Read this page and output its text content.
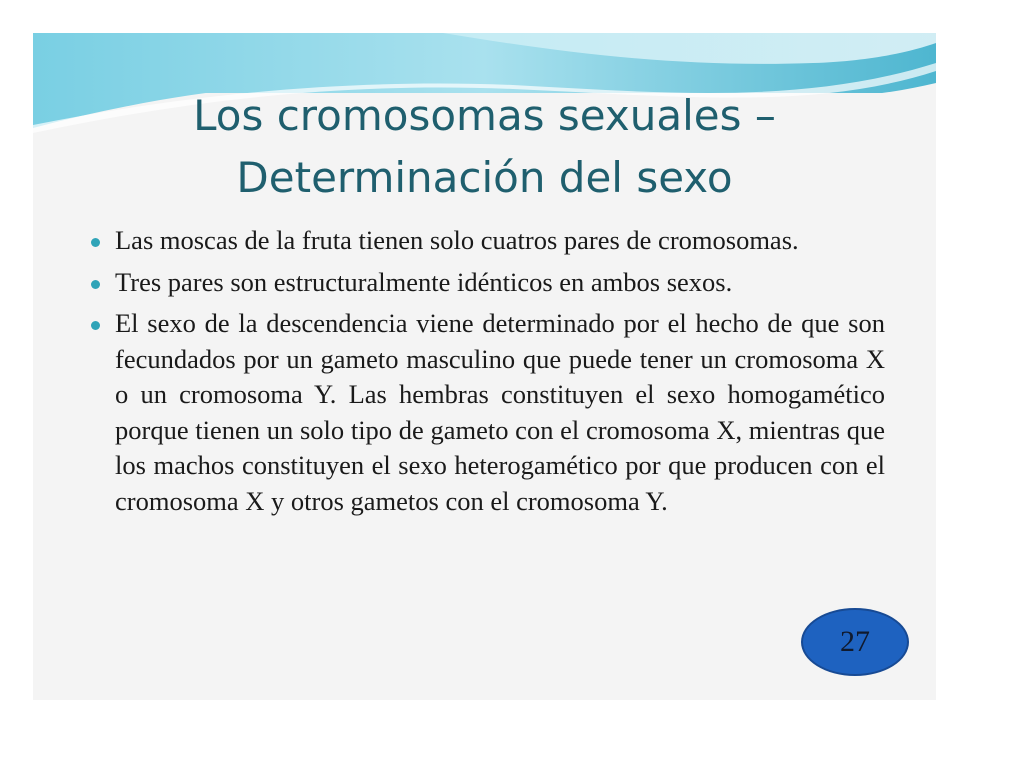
Los cromosomas sexuales –
Determinación del sexo
Las moscas de la fruta tienen solo cuatros pares de cromosomas.
Tres pares son estructuralmente idénticos en ambos sexos.
El sexo de la descendencia viene determinado por el hecho de que son fecundados por un gameto masculino que puede tener un cromosoma X o un cromosoma Y. Las hembras constituyen el sexo homogamético porque tienen un solo tipo de gameto con el cromosoma X, mientras que los machos constituyen el sexo heterogamético por que producen con el cromosoma X y otros gametos con el cromosoma Y.
27
